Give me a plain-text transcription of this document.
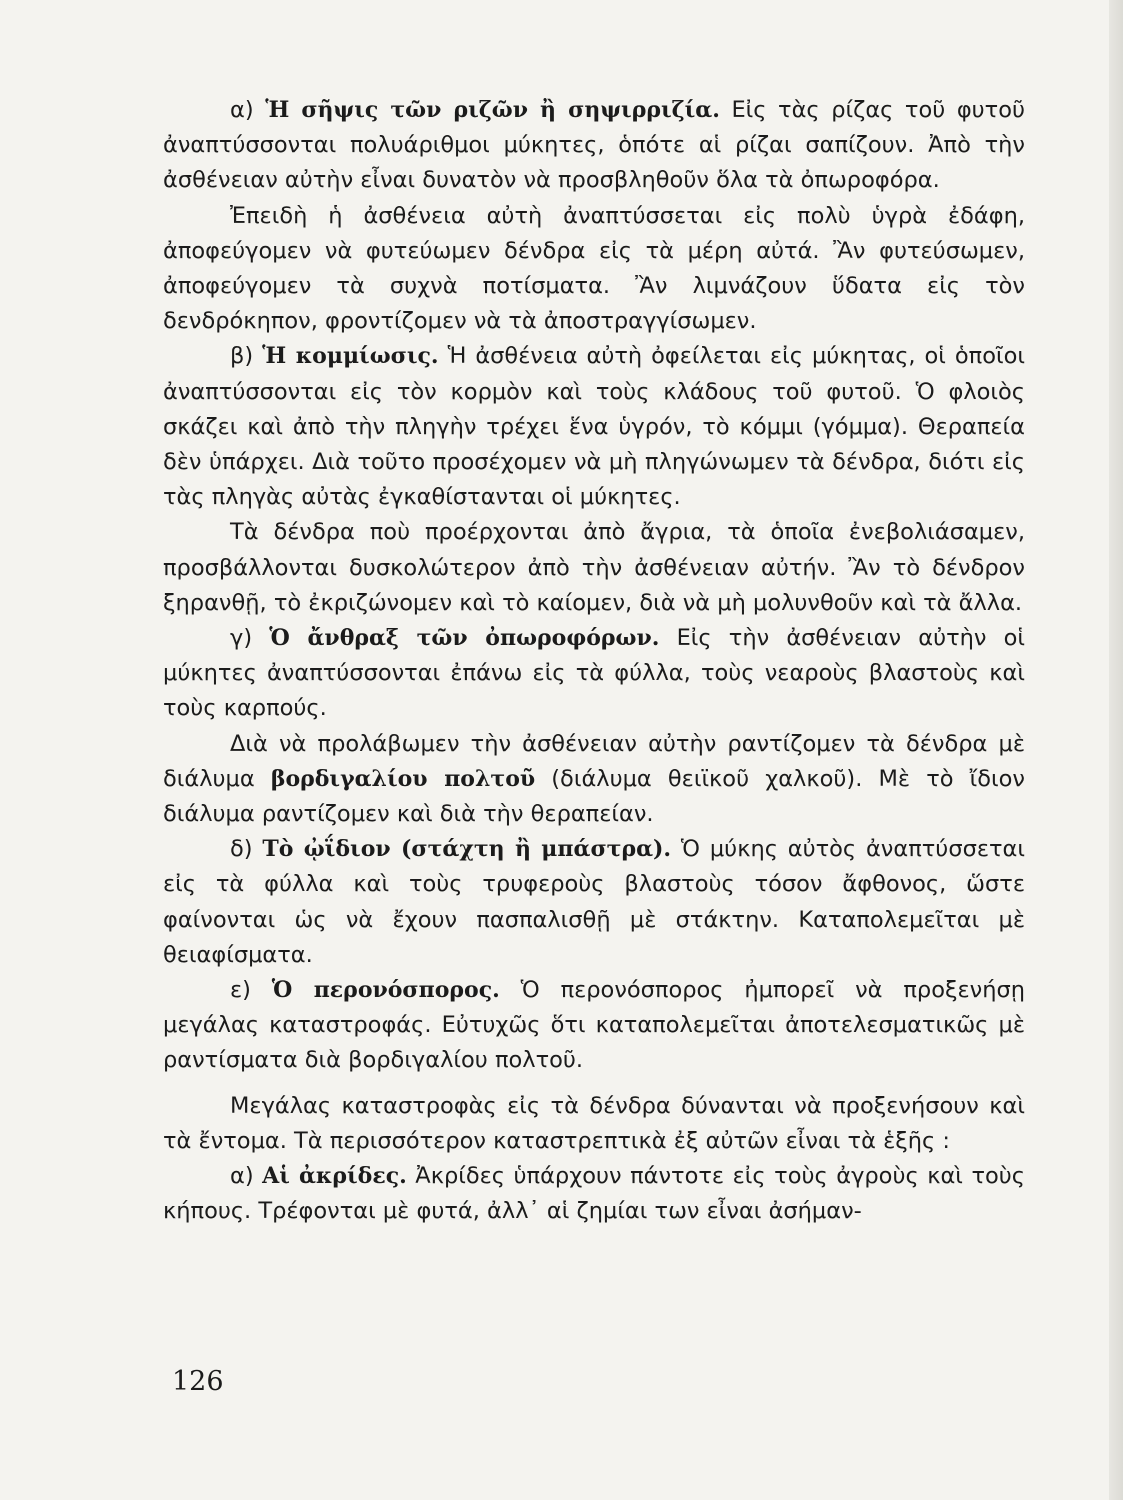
α) Ἡ σῆψις τῶν ριζῶν ἢ σηψιρριζία. Εἰς τὰς ρίζας τοῦ φυτοῦ ἀναπτύσσονται πολυάριθμοι μύκητες, ὁπότε αἱ ρίζαι σαπίζουν. Ἀπὸ τὴν ἀσθένειαν αὐτὴν εἶναι δυνατὸν νὰ προσβληθοῦν ὅλα τὰ ὀπωροφόρα.

Ἐπειδὴ ἡ ἀσθένεια αὐτὴ ἀναπτύσσεται εἰς πολὺ ὑγρὰ ἐδάφη, ἀποφεύγομεν νὰ φυτεύωμεν δένδρα εἰς τὰ μέρη αὐτά. Ἂν φυτεύσωμεν, ἀποφεύγομεν τὰ συχνὰ ποτίσματα. Ἂν λιμνάζουν ὕδατα εἰς τὸν δενδρόκηπον, φροντίζομεν νὰ τὰ ἀποστραγγίσωμεν.

β) Ἡ κομμίωσις. Ἡ ἀσθένεια αὐτὴ ὀφείλεται εἰς μύκητας, οἱ ὁποῖοι ἀναπτύσσονται εἰς τὸν κορμὸν καὶ τοὺς κλάδους τοῦ φυτοῦ. Ὁ φλοιὸς σκάζει καὶ ἀπὸ τὴν πληγὴν τρέχει ἕνα ὑγρόν, τὸ κόμμι (γόμμα). Θεραπεία δὲν ὑπάρχει. Διὰ τοῦτο προσέχομεν νὰ μὴ πληγώνωμεν τὰ δένδρα, διότι εἰς τὰς πληγὰς αὐτὰς ἐγκαθίστανται οἱ μύκητες.

Τὰ δένδρα ποὺ προέρχονται ἀπὸ ἄγρια, τὰ ὁποῖα ἐνεβολιάσαμεν, προσβάλλονται δυσκολώτερον ἀπὸ τὴν ἀσθένειαν αὐτήν. Ἂν τὸ δένδρον ξηρανθῇ, τὸ ἐκριζώνομεν καὶ τὸ καίομεν, διὰ νὰ μὴ μολυνθοῦν καὶ τὰ ἄλλα.

γ) Ὁ ἄνθραξ τῶν ὀπωροφόρων. Εἰς τὴν ἀσθένειαν αὐτὴν οἱ μύκητες ἀναπτύσσονται ἐπάνω εἰς τὰ φύλλα, τοὺς νεαροὺς βλαστοὺς καὶ τοὺς καρπούς.

Διὰ νὰ προλάβωμεν τὴν ἀσθένειαν αὐτὴν ραντίζομεν τὰ δένδρα μὲ διάλυμα βορδιγαλίου πολτοῦ (διάλυμα θειϊκοῦ χαλκοῦ). Μὲ τὸ ἴδιον διάλυμα ραντίζομεν καὶ διὰ τὴν θεραπείαν.

δ) Τὸ ᾠΐδιον (στάχτη ἢ μπάστρα). Ὁ μύκης αὐτὸς ἀναπτύσσεται εἰς τὰ φύλλα καὶ τοὺς τρυφεροὺς βλαστοὺς τόσον ἄφθονος, ὥστε φαίνονται ὡς νὰ ἔχουν πασπαλισθῇ μὲ στάκτην. Καταπολεμεῖται μὲ θειαφίσματα.

ε) Ὁ περονόσπορος. Ὁ περονόσπορος ἠμπορεῖ νὰ προξενήσῃ μεγάλας καταστροφάς. Εὐτυχῶς ὅτι καταπολεμεῖται ἀποτελεσματικῶς μὲ ραντίσματα διὰ βορδιγαλίου πολτοῦ.

Μεγάλας καταστροφὰς εἰς τὰ δένδρα δύνανται νὰ προξενήσουν καὶ τὰ ἔντομα. Τὰ περισσότερον καταστρεπτικὰ ἐξ αὐτῶν εἶναι τὰ ἑξῆς :

α) Αἱ ἀκρίδες. Ἀκρίδες ὑπάρχουν πάντοτε εἰς τοὺς ἀγροὺς καὶ τοὺς κήπους. Τρέφονται μὲ φυτά, ἀλλ᾽ αἱ ζημίαι των εἶναι ἀσήμαν-

126
